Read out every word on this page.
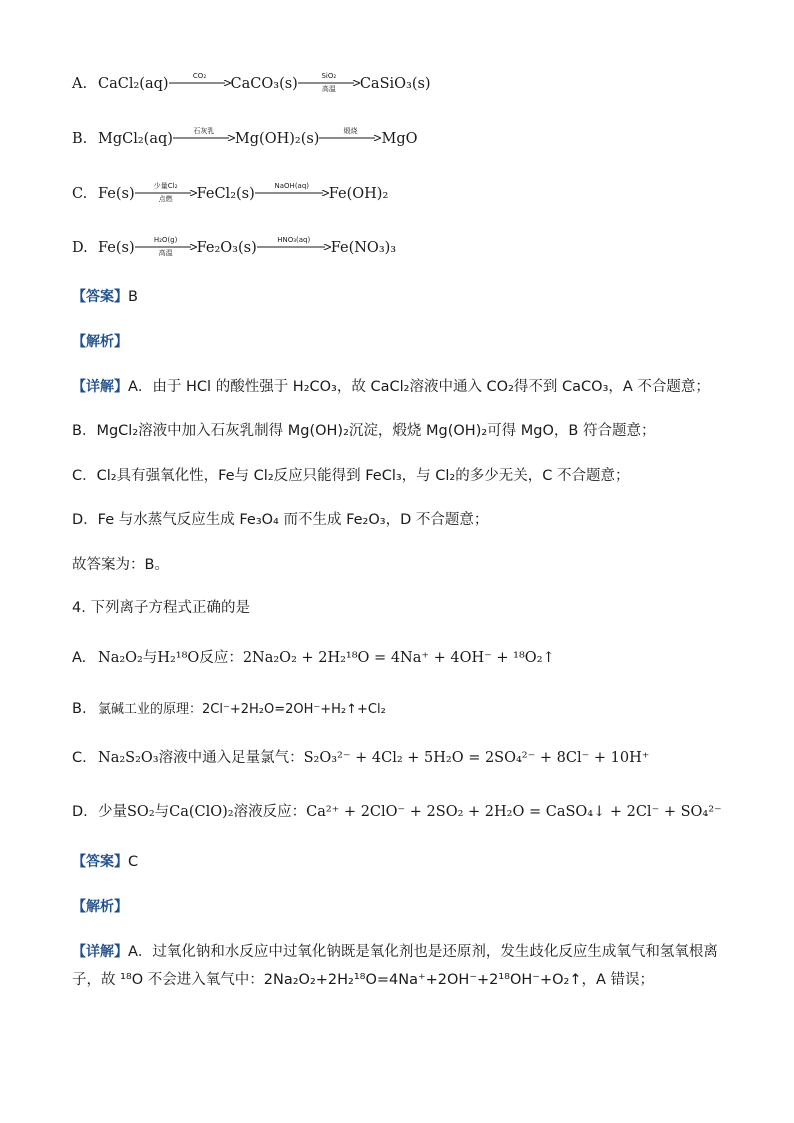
A. CaCl₂(aq)	CO₂	CaCO₃(s)	SiO₂
高温	CaSiO₃(s)
B. MgCl₂(aq)	石灰乳	Mg(OH)₂(s)	煅烧	MgO
C. Fe(s)	少量Cl₂
点燃	FeCl₂(s)	NaOH(aq)	Fe(OH)₂
D. Fe(s)	H₂O(g)
高温	Fe₂O₃(s)	HNO₃(aq)	Fe(NO₃)₃
【答案】B
【解析】
【详解】A．由于 HCl 的酸性强于 H₂CO₃，故 CaCl₂溶液中通入 CO₂得不到 CaCO₃，A 不合题意；
B．MgCl₂溶液中加入石灰乳制得 Mg(OH)₂沉淀，煅烧 Mg(OH)₂可得 MgO，B 符合题意；
C．Cl₂具有强氧化性，Fe与 Cl₂反应只能得到 FeCl₃，与 Cl₂的多少无关，C 不合题意；
D．Fe 与水蒸气反应生成 Fe₃O₄ 而不生成 Fe₂O₃，D 不合题意；
故答案为：B。
4. 下列离子方程式正确的是
A. Na₂O₂与H₂¹⁸O反应：2Na₂O₂ + 2H₂¹⁸O = 4Na⁺ + 4OH⁻ + ¹⁸O₂↑
B. 氯碱工业的原理：2Cl⁻+2H₂O=2OH⁻+H₂↑+Cl₂
C. Na₂S₂O₃溶液中通入足量氯气：S₂O₃²⁻ + 4Cl₂ + 5H₂O = 2SO₄²⁻ + 8Cl⁻ + 10H⁺
D. 少量SO₂与Ca(ClO)₂溶液反应：Ca²⁺ + 2ClO⁻ + 2SO₂ + 2H₂O = CaSO₄↓ + 2Cl⁻ + SO₄²⁻
【答案】C
【解析】
【详解】A．过氧化钠和水反应中过氧化钠既是氧化剂也是还原剂，发生歧化反应生成氧气和氢氧根离子，故 ¹⁸O 不会进入氧气中：2Na₂O₂+2H₂¹⁸O=4Na⁺+2OH⁻+2¹⁸OH⁻+O₂↑，A 错误；
